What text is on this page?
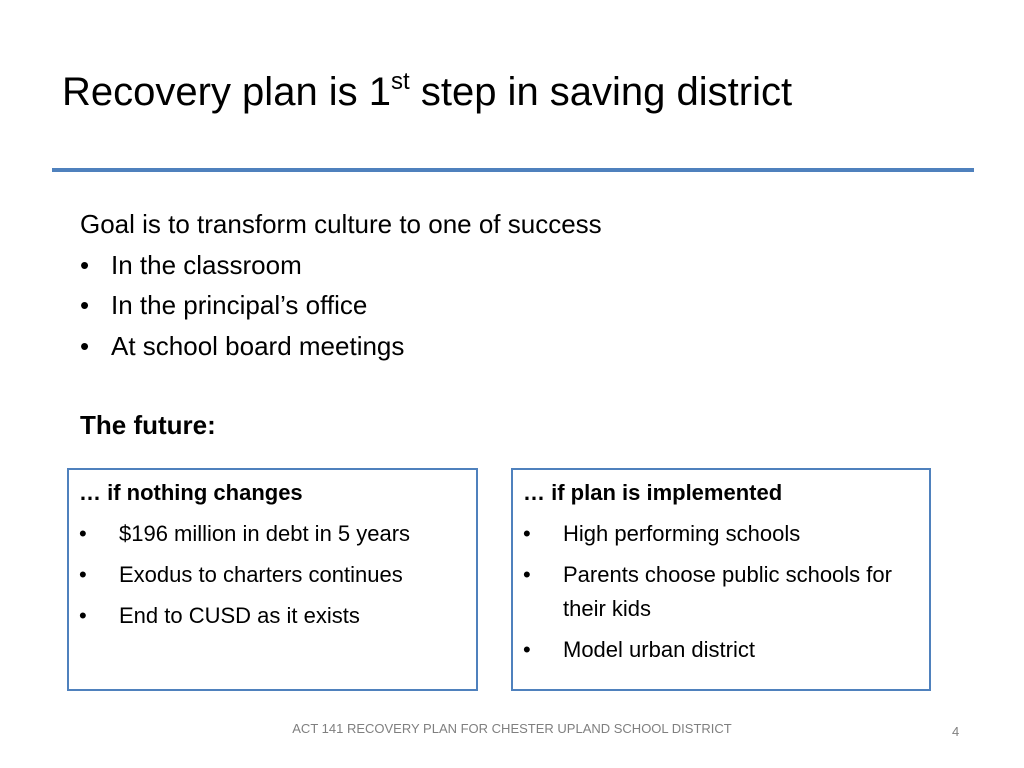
Recovery plan is 1st step in saving district
Goal is to transform culture to one of success
• In the classroom
• In the principal’s office
• At school board meetings
The future:
… if nothing changes
• $196 million in debt in 5 years
• Exodus to charters continues
• End to CUSD as it exists
… if plan is implemented
• High performing schools
• Parents choose public schools for their kids
• Model urban district
ACT 141 RECOVERY PLAN FOR CHESTER UPLAND SCHOOL DISTRICT	4
